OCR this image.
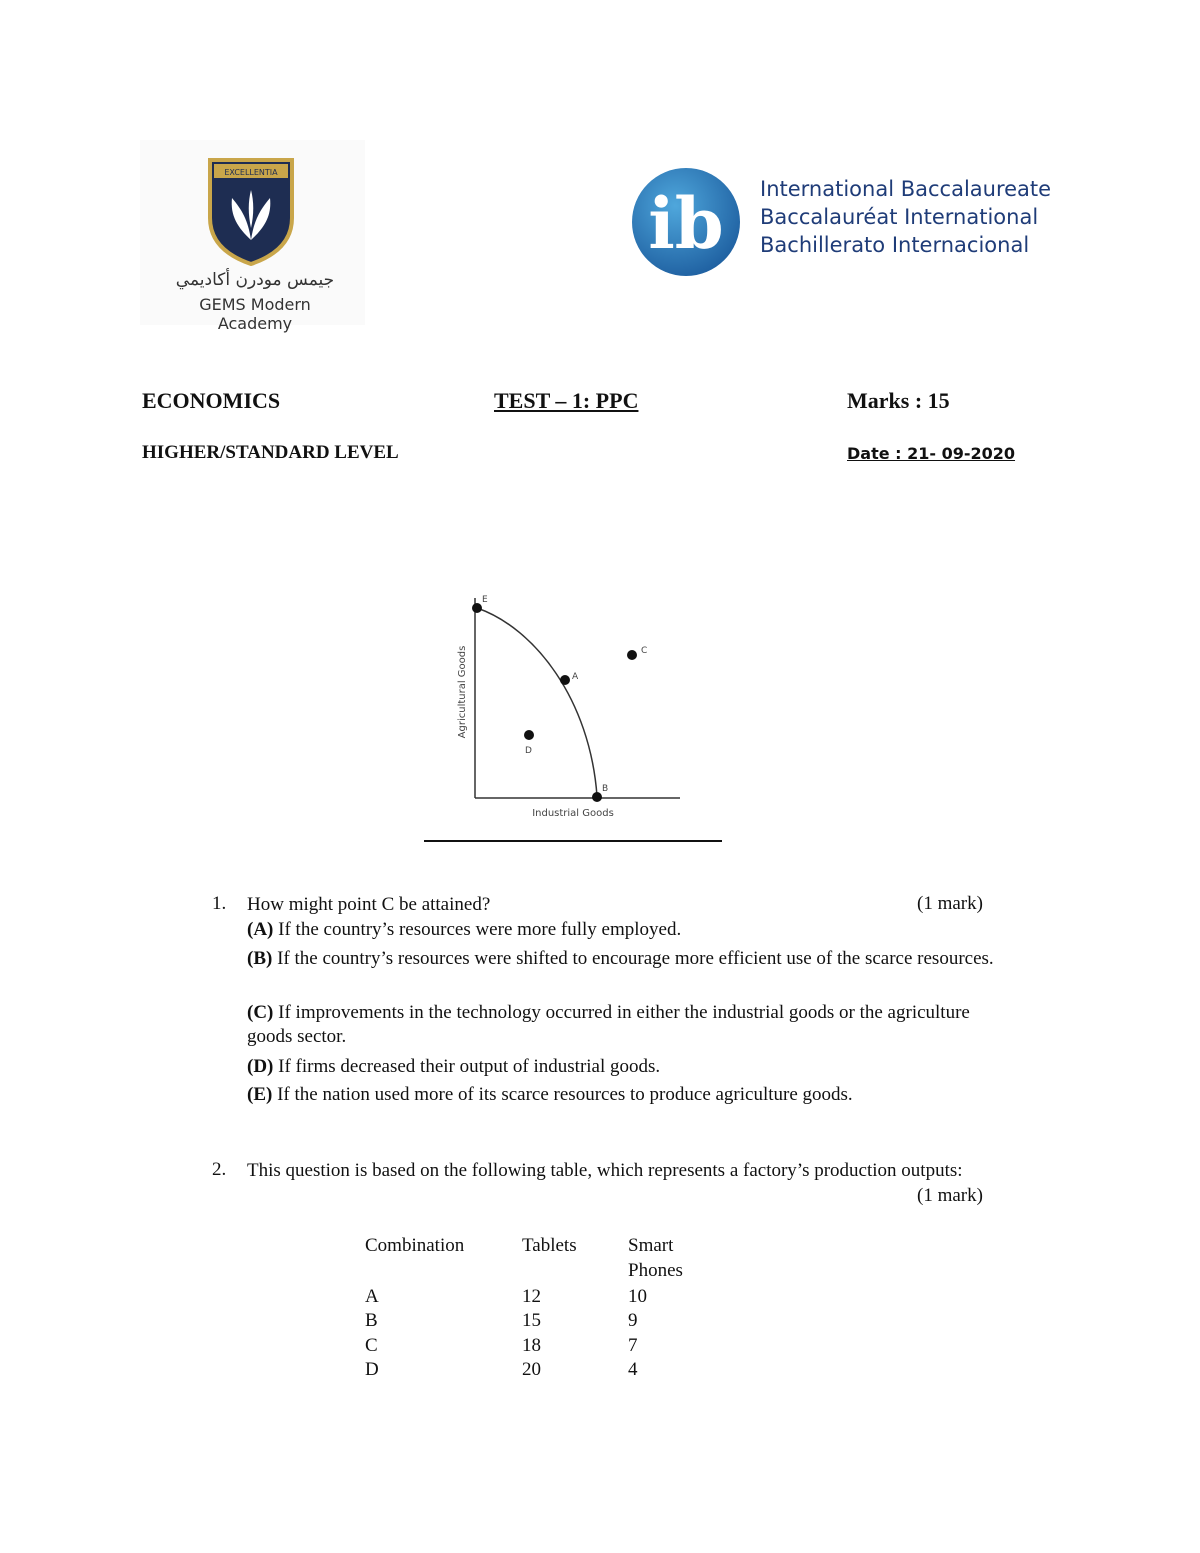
EXCELLENTIA
جيمس مودرن أكاديمي
GEMS Modern Academy
ib International Baccalaureate
Baccalauréat International
Bachillerato Internacional
ECONOMICS	TEST – 1: PPC	Marks : 15
HIGHER/STANDARD LEVEL	Date : 21- 09-2020
E
A
C
D
B
Industrial Goods
Agricultural Goods
1. How might point C be attained?	(1 mark)
(A) If the country’s resources were more fully employed.
(B) If the country’s resources were shifted to encourage more efficient use of the scarce resources.
(C) If improvements in the technology occurred in either the industrial goods or the agriculture goods sector.
(D) If firms decreased their output of industrial goods.
(E) If the nation used more of its scarce resources to produce agriculture goods.
2. This question is based on the following table, which represents a factory’s production outputs:
(1 mark)
Combination	Tablets	Smart
Phones
A	12	10
B	15	9
C	18	7
D	20	4
